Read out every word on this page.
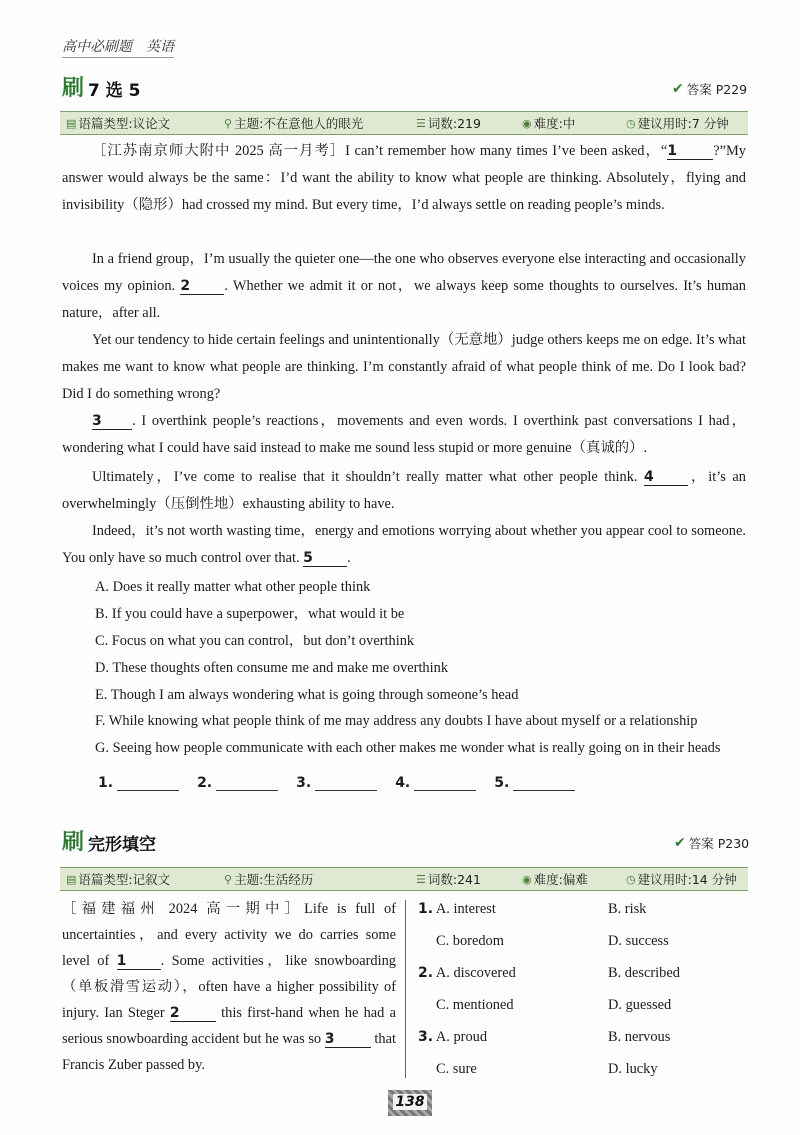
高中必刷题　英语
刷 7 选 5	✔ 答案 P229
▤ 语篇类型:议论文	⚲ 主题:不在意他人的眼光	☰ 词数:219	◉ 难度:中	◷ 建议用时:7 分钟
［江苏南京师大附中 2025 高一月考］I can’t remember how many times I’ve been asked，“1	?”My answer would always be the same：I’d want the ability to know what people are thinking. Absolutely，flying and invisibility（隐形）had crossed my mind. But every time，I’d always settle on reading people’s minds.
In a friend group，I’m usually the quieter one—the one who observes everyone else interacting and occasionally voices my opinion. 2 . Whether we admit it or not，we always keep some thoughts to ourselves. It’s human nature，after all.
Yet our tendency to hide certain feelings and unintentionally（无意地）judge others keeps me on edge. It’s what makes me want to know what people are thinking. I’m constantly afraid of what people think of me. Do I look bad? Did I do something wrong?
3 . I overthink people’s reactions，movements and even words. I overthink past conversations I had，wondering what I could have said instead to make me sound less stupid or more genuine（真诚的）.
Ultimately，I’ve come to realise that it shouldn’t really matter what other people think. 4 ，it’s an overwhelmingly（压倒性地）exhausting ability to have.
Indeed，it’s not worth wasting time，energy and emotions worrying about whether you appear cool to someone. You only have so much control over that. 5 .
A. Does it really matter what other people think
B. If you could have a superpower，what would it be
C. Focus on what you can control，but don’t overthink
D. These thoughts often consume me and make me overthink
E. Though I am always wondering what is going through someone’s head
F. While knowing what people think of me may address any doubts I have about myself or a relationship
G. Seeing how people communicate with each other makes me wonder what is really going on in their heads
1.	2.	3.	4.	5.
刷 完形填空	✔ 答案 P230
▤ 语篇类型:记叙文	⚲ 主题:生活经历	☰ 词数:241	◉ 难度:偏难	◷ 建议用时:14 分钟
［福建福州 2024 高一期中］Life is full of uncertainties，and every activity we do carries some level of 1 . Some activities，like snowboarding（单板滑雪运动），often have a higher possibility of injury. Ian Steger 2	this first-hand when he had a serious snowboarding accident but he was so 3	that Francis Zuber passed by.
1. A. interest	B. risk
C. boredom	D. success
2. A. discovered	B. described
C. mentioned	D. guessed
3. A. proud	B. nervous
C. sure	D. lucky
138
